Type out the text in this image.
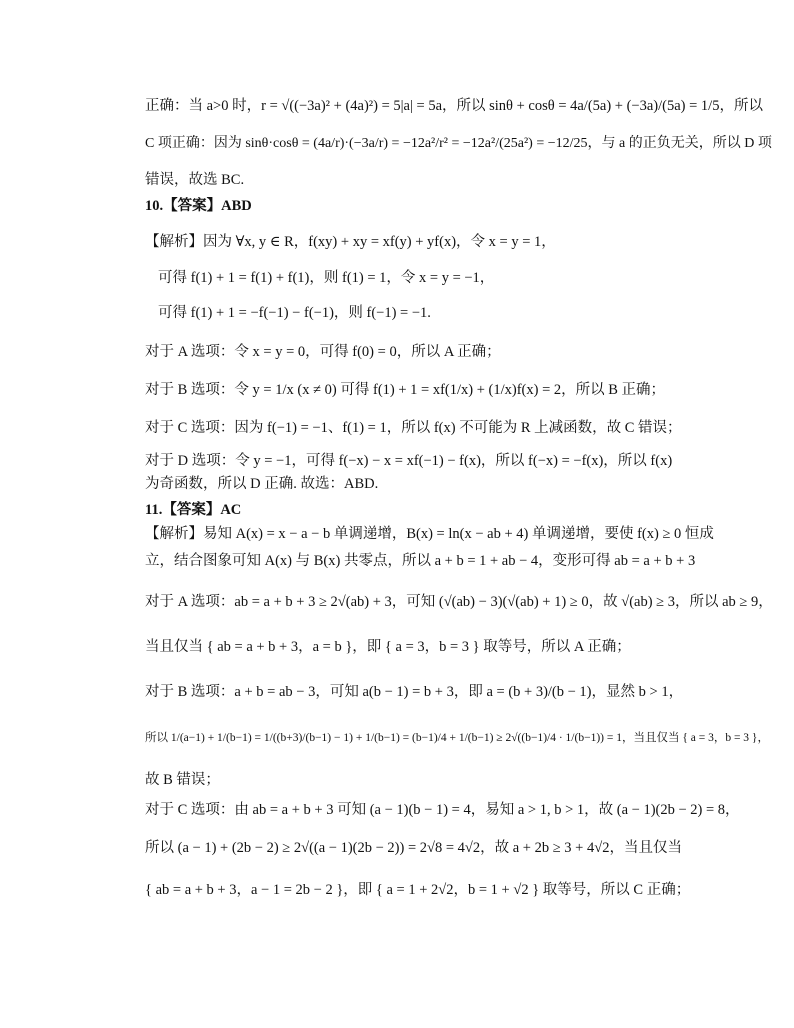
正确：当 a>0 时，r = √((−3a)² + (4a)²) = 5|a| = 5a，所以 sinθ + cosθ = 4a/(5a) + (−3a)/(5a) = 1/5，所以
C 项正确：因为 sinθ·cosθ = (4a/r)·(−3a/r) = −12a²/r² = −12a²/(25a²) = −12/25，与 a 的正负无关，所以 D 项
错误，故选 BC.
10.【答案】ABD
【解析】因为 ∀x, y ∈ R，f(xy) + xy = xf(y) + yf(x)，令 x = y = 1，
可得 f(1) + 1 = f(1) + f(1)，则 f(1) = 1，令 x = y = −1，
可得 f(1) + 1 = −f(−1) − f(−1)，则 f(−1) = −1.
对于 A 选项：令 x = y = 0，可得 f(0) = 0，所以 A 正确；
对于 B 选项：令 y = 1/x (x ≠ 0) 可得 f(1) + 1 = xf(1/x) + (1/x)f(x) = 2，所以 B 正确；
对于 C 选项：因为 f(−1) = −1、f(1) = 1，所以 f(x) 不可能为 R 上减函数，故 C 错误；
对于 D 选项：令 y = −1，可得 f(−x) − x = xf(−1) − f(x)，所以 f(−x) = −f(x)，所以 f(x)
为奇函数，所以 D 正确. 故选：ABD.
11.【答案】AC
【解析】易知 A(x) = x − a − b 单调递增，B(x) = ln(x − ab + 4) 单调递增，要使 f(x) ≥ 0 恒成
立，结合图象可知 A(x) 与 B(x) 共零点，所以 a + b = 1 + ab − 4，变形可得 ab = a + b + 3
对于 A 选项：ab = a + b + 3 ≥ 2√(ab) + 3，可知 (√(ab) − 3)(√(ab) + 1) ≥ 0，故 √(ab) ≥ 3，所以 ab ≥ 9，
当且仅当 { ab = a + b + 3，a = b }，即 { a = 3，b = 3 } 取等号，所以 A 正确；
对于 B 选项：a + b = ab − 3，可知 a(b − 1) = b + 3，即 a = (b + 3)/(b − 1)，显然 b > 1，
所以 1/(a−1) + 1/(b−1) = 1/((b+3)/(b−1) − 1) + 1/(b−1) = (b−1)/4 + 1/(b−1) ≥ 2√((b−1)/4 · 1/(b−1)) = 1，当且仅当 { a = 3，b = 3 }，
故 B 错误；
对于 C 选项：由 ab = a + b + 3 可知 (a − 1)(b − 1) = 4，易知 a > 1, b > 1，故 (a − 1)(2b − 2) = 8，
所以 (a − 1) + (2b − 2) ≥ 2√((a − 1)(2b − 2)) = 2√8 = 4√2，故 a + 2b ≥ 3 + 4√2，当且仅当
{ ab = a + b + 3，a − 1 = 2b − 2 }，即 { a = 1 + 2√2，b = 1 + √2 } 取等号，所以 C 正确；
